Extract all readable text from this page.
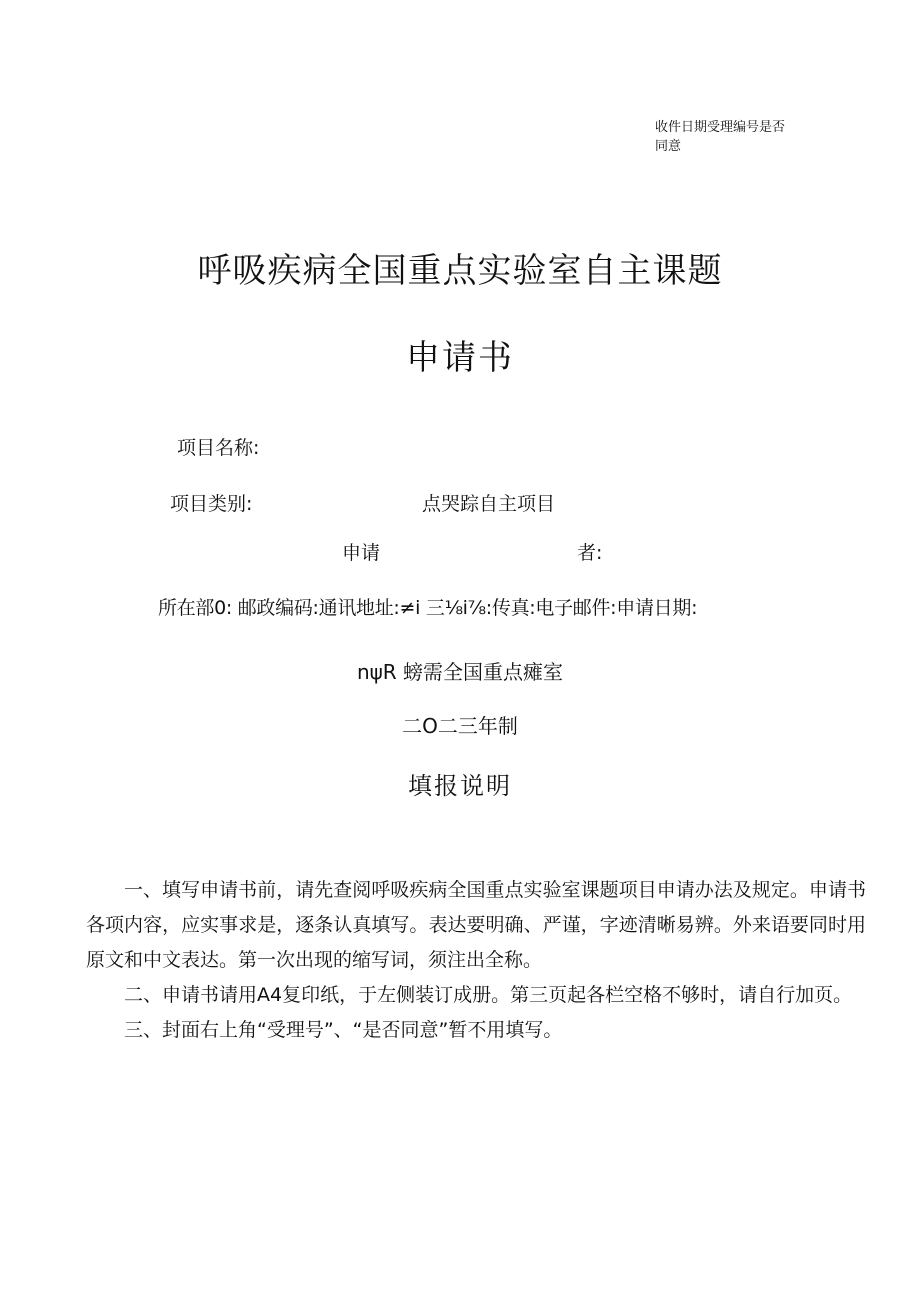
收件日期受理编号是否同意
呼吸疾病全国重点实验室自主课题
申请书
项目名称:
项目类别:	点哭踪自主项目
申请	者:
所在部0: 邮政编码:通讯地址:≠i 三⅛i⅞:传真:电子邮件:申请日期:
nψR 螃需全国重点瘫室
二O二三年制
填报说明

一、填写申请书前，请先查阅呼吸疾病全国重点实验室课题项目申请办法及规定。申请书各项内容，应实事求是，逐条认真填写。表达要明确、严谨，字迹清晰易辨。外来语要同时用原文和中文表达。第一次出现的缩写词，须注出全称。

二、申请书请用A4复印纸，于左侧装订成册。第三页起各栏空格不够时，请自行加页。

三、封面右上角“受理号”、“是否同意”暂不用填写。
